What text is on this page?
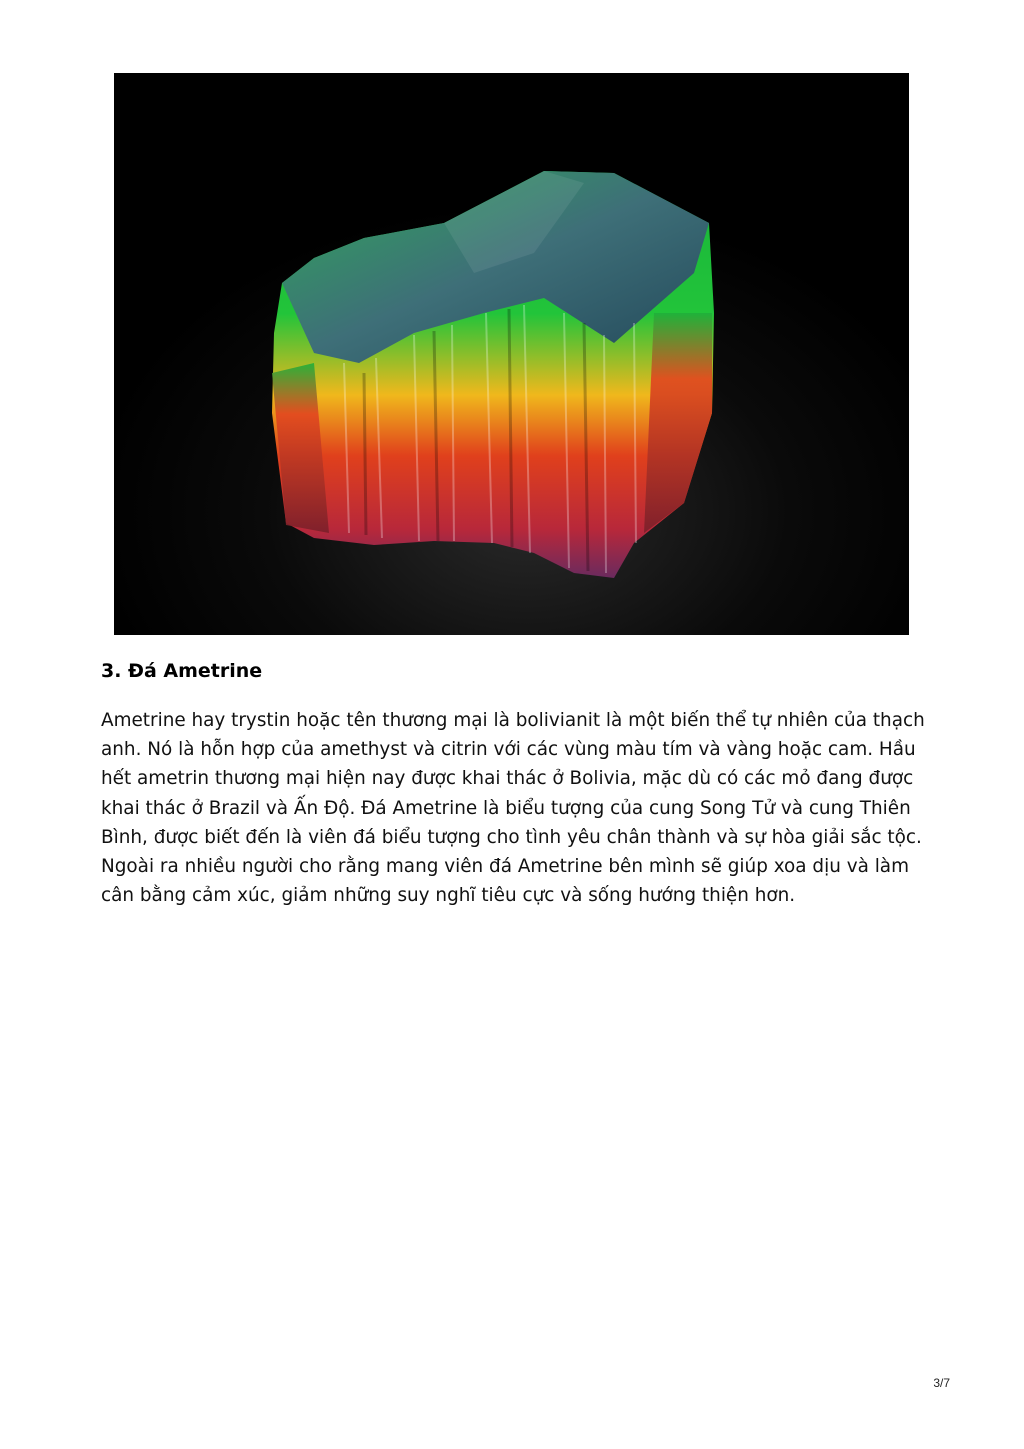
3. Đá Ametrine

Ametrine hay trystin hoặc tên thương mại là bolivianit là một biến thể tự nhiên của thạch
anh. Nó là hỗn hợp của amethyst và citrin với các vùng màu tím và vàng hoặc cam. Hầu
hết ametrin thương mại hiện nay được khai thác ở Bolivia, mặc dù có các mỏ đang được
khai thác ở Brazil và Ấn Độ. Đá Ametrine là biểu tượng của cung Song Tử và cung Thiên
Bình, được biết đến là viên đá biểu tượng cho tình yêu chân thành và sự hòa giải sắc tộc.
Ngoài ra nhiều người cho rằng mang viên đá Ametrine bên mình sẽ giúp xoa dịu và làm
cân bằng cảm xúc, giảm những suy nghĩ tiêu cực và sống hướng thiện hơn.

3/7
